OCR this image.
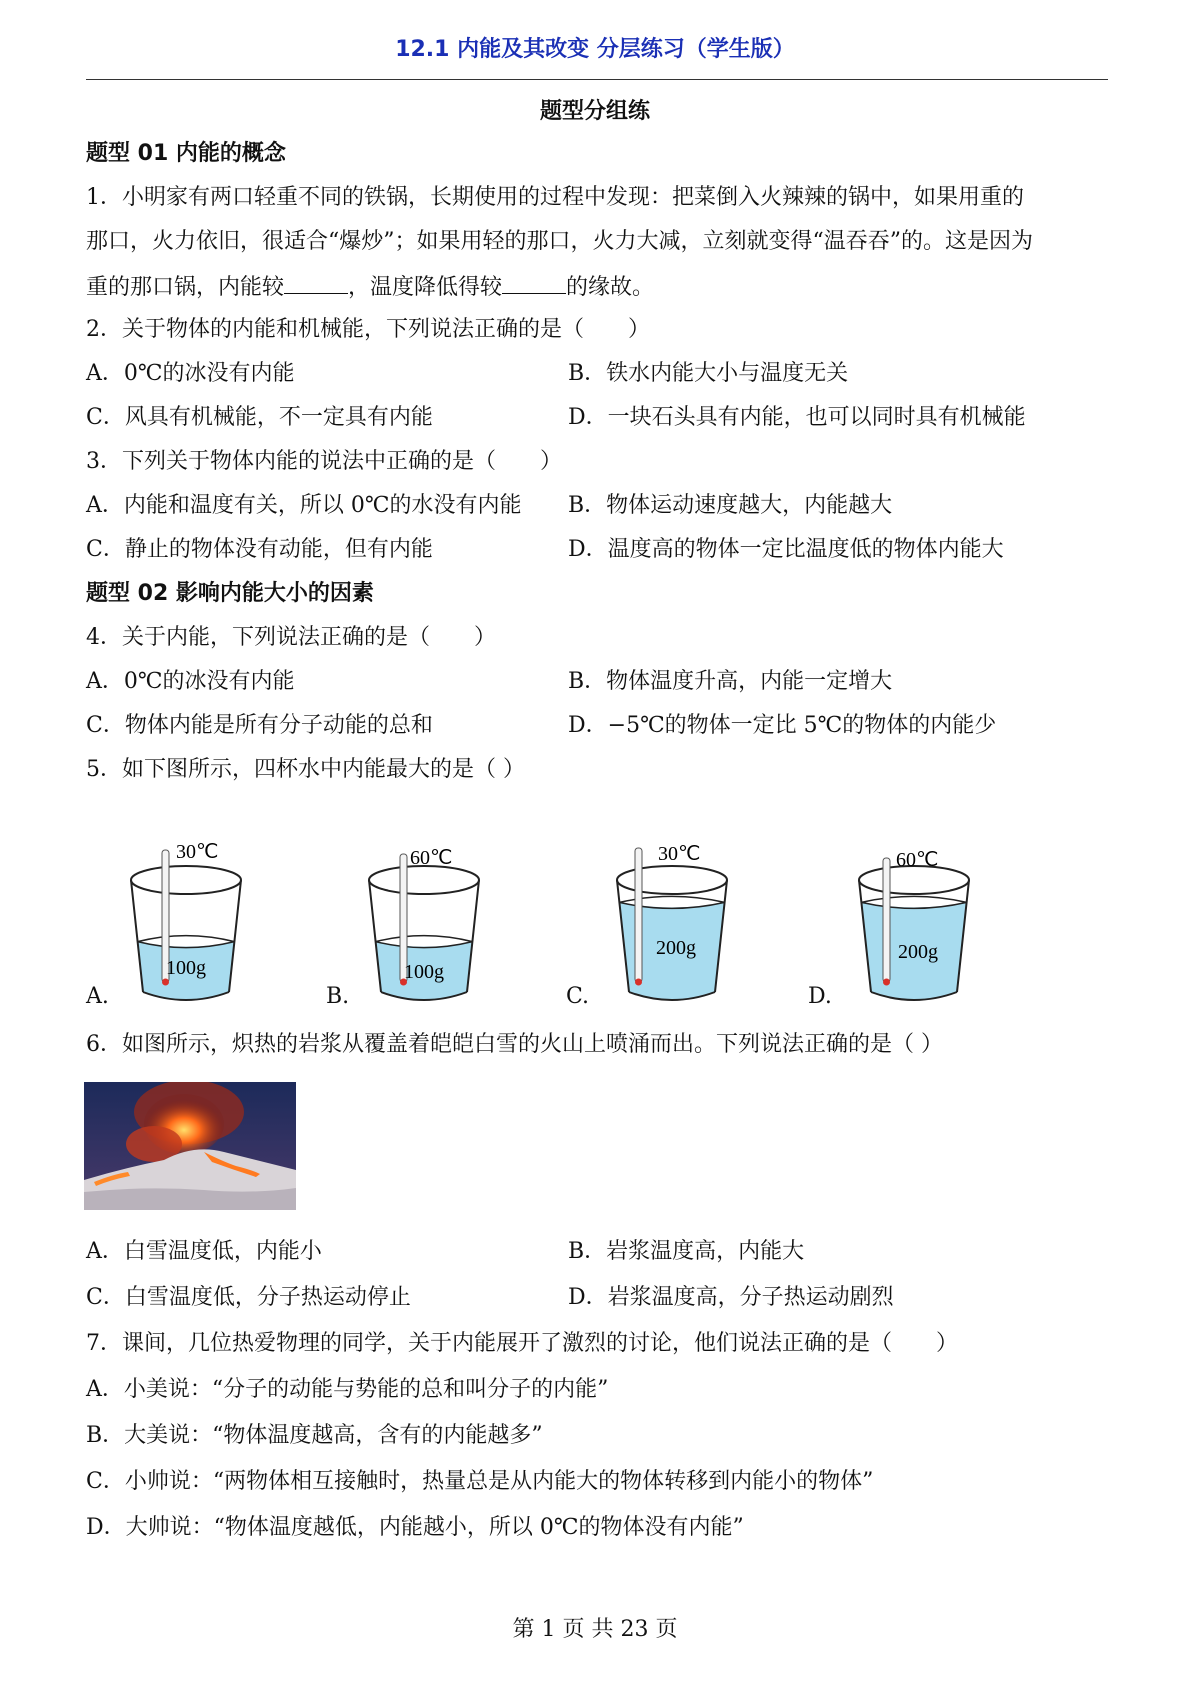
12.1 内能及其改变 分层练习（学生版）
题型分组练
题型 01 内能的概念
1．小明家有两口轻重不同的铁锅，长期使用的过程中发现：把菜倒入火辣辣的锅中，如果用重的
那口，火力依旧，很适合“爆炒”；如果用轻的那口，火力大减，立刻就变得“温吞吞”的。这是因为
重的那口锅，内能较	，温度降低得较	的缘故。
2．关于物体的内能和机械能，下列说法正确的是（　　）
A．0℃的冰没有内能	B．铁水内能大小与温度无关
C．风具有机械能，不一定具有内能	D．一块石头具有内能，也可以同时具有机械能
3．下列关于物体内能的说法中正确的是（　　）
A．内能和温度有关，所以 0℃的水没有内能 B．物体运动速度越大，内能越大
C．静止的物体没有动能，但有内能	D．温度高的物体一定比温度低的物体内能大
题型 02 影响内能大小的因素
4．关于内能，下列说法正确的是（　　）
A．0℃的冰没有内能	B．物体温度升高，内能一定增大
C．物体内能是所有分子动能的总和	D．−5℃的物体一定比 5℃的物体的内能少
5．如下图所示，四杯水中内能最大的是（ ）
A.
30℃
100g
B.
60℃
100g
C.
30℃
200g
D.
60℃
200g
6．如图所示，炽热的岩浆从覆盖着皑皑白雪的火山上喷涌而出。下列说法正确的是（ ）
A．白雪温度低，内能小	B．岩浆温度高，内能大
C．白雪温度低，分子热运动停止	D．岩浆温度高，分子热运动剧烈
7．课间，几位热爱物理的同学，关于内能展开了激烈的讨论，他们说法正确的是（　　）
A．小美说：“分子的动能与势能的总和叫分子的内能”
B．大美说：“物体温度越高，含有的内能越多”
C．小帅说：“两物体相互接触时，热量总是从内能大的物体转移到内能小的物体”
D．大帅说：“物体温度越低，内能越小，所以 0℃的物体没有内能”
第 1 页 共 23 页
